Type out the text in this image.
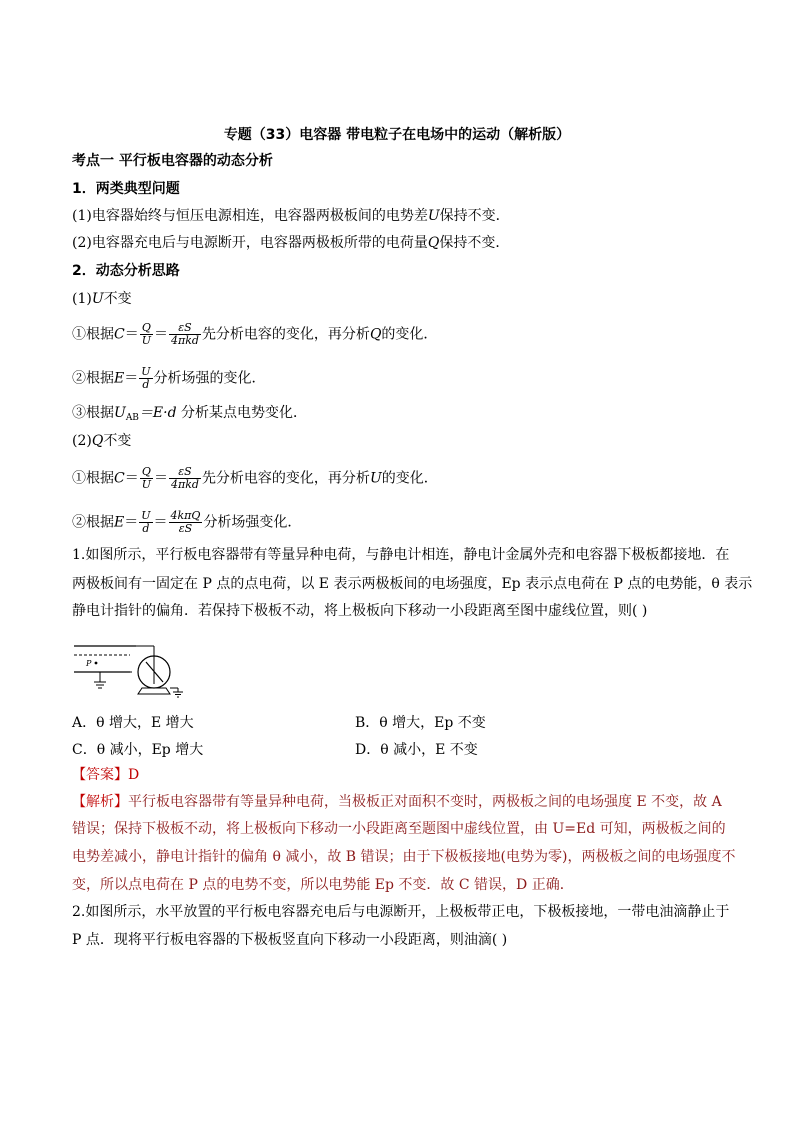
专题（33）电容器 带电粒子在电场中的运动（解析版）
考点一 平行板电容器的动态分析
1．两类典型问题
(1)电容器始终与恒压电源相连，电容器两极板间的电势差U保持不变．
(2)电容器充电后与电源断开，电容器两极板所带的电荷量Q保持不变．
2．动态分析思路
(1)U不变
①根据$C= \frac{Q}{U} = \frac{\varepsilon S}{\text{4πkd}}$ 先分析电容的变化，再分析Q的变化．
②根据$E= \frac{U}{d}$ 分析场强的变化．
③根据$U_{AB}=E\cdot d$ 分析某点电势变化．
(2)Q不变
①根据$C= \frac{Q}{U} = \frac{\varepsilon S}{\text{4πkd}}$ 先分析电容的变化，再分析U的变化．
②根据$E= \frac{U}{d} = \frac{\text{4kπQ}}{\varepsilon S}$ 分析场强变化．
1.如图所示，平行板电容器带有等量异种电荷，与静电计相连，静电计金属外壳和电容器下极板都接地．在
两极板间有一固定在 P 点的点电荷，以 E 表示两极板间的电场强度，Ep 表示点电荷在 P 点的电势能，θ 表示
静电计指针的偏角．若保持下极板不动，将上极板向下移动一小段距离至图中虚线位置，则( )
P
A．θ 增大，E 增大	B．θ 增大，Ep 不变
C．θ 减小，Ep 增大	D．θ 减小，E 不变
【答案】D
【解析】平行板电容器带有等量异种电荷，当极板正对面积不变时，两极板之间的电场强度 E 不变，故 A
错误；保持下极板不动，将上极板向下移动一小段距离至题图中虚线位置，由 U=Ed 可知，两极板之间的
电势差减小，静电计指针的偏角 θ 减小，故 B 错误；由于下极板接地(电势为零)，两极板之间的电场强度不
变，所以点电荷在 P 点的电势不变，所以电势能 Ep 不变．故 C 错误，D 正确．
2.如图所示，水平放置的平行板电容器充电后与电源断开，上极板带正电，下极板接地，一带电油滴静止于
P 点．现将平行板电容器的下极板竖直向下移动一小段距离，则油滴( )
